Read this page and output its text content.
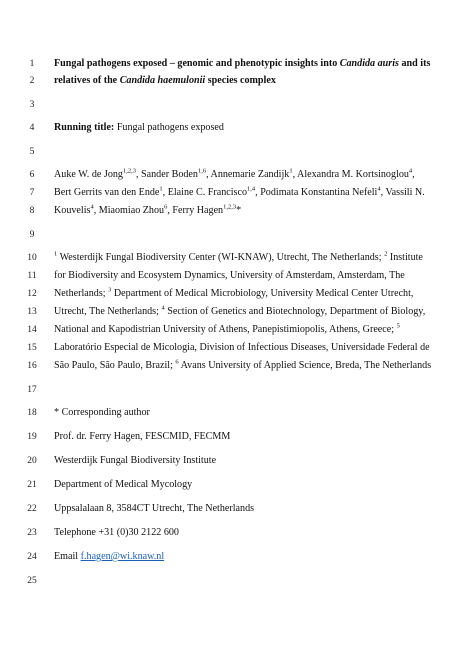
1	Fungal pathogens exposed – genomic and phenotypic insights into Candida auris and its
2	relatives of the Candida haemulonii species complex
3
4	Running title: Fungal pathogens exposed
5
6	Auke W. de Jong$^{1,2,3}$, Sander Boden$^{1,6}$, Annemarie Zandijk$^1$, Alexandra M. Kortsinoglou$^4$,
7	Bert Gerrits van den Ende$^1$, Elaine C. Francisco$^{1,4}$, Podimata Konstantina Nefeli$^4$, Vassili N.
8	Kouvelis$^4$, Miaomiao Zhou$^6$, Ferry Hagen$^{1,2,3}$*
9
10	$^1$ Westerdijk Fungal Biodiversity Center (WI-KNAW), Utrecht, The Netherlands; $^2$ Institute
11	for Biodiversity and Ecosystem Dynamics, University of Amsterdam, Amsterdam, The
12	Netherlands; $^3$ Department of Medical Microbiology, University Medical Center Utrecht,
13	Utrecht, The Netherlands; $^4$ Section of Genetics and Biotechnology, Department of Biology,
14	National and Kapodistrian University of Athens, Panepistimiopolis, Athens, Greece; $^5$
15	Laboratório Especial de Micologia, Division of Infectious Diseases, Universidade Federal de
16	São Paulo, São Paulo, Brazil; $^6$ Avans University of Applied Science, Breda, The Netherlands
17
18	* Corresponding author
19	Prof. dr. Ferry Hagen, FESCMID, FECMM
20	Westerdijk Fungal Biodiversity Institute
21	Department of Medical Mycology
22	Uppsalalaan 8, 3584CT Utrecht, The Netherlands
23	Telephone +31 (0)30 2122 600
24	Email f.hagen@wi.knaw.nl
25
